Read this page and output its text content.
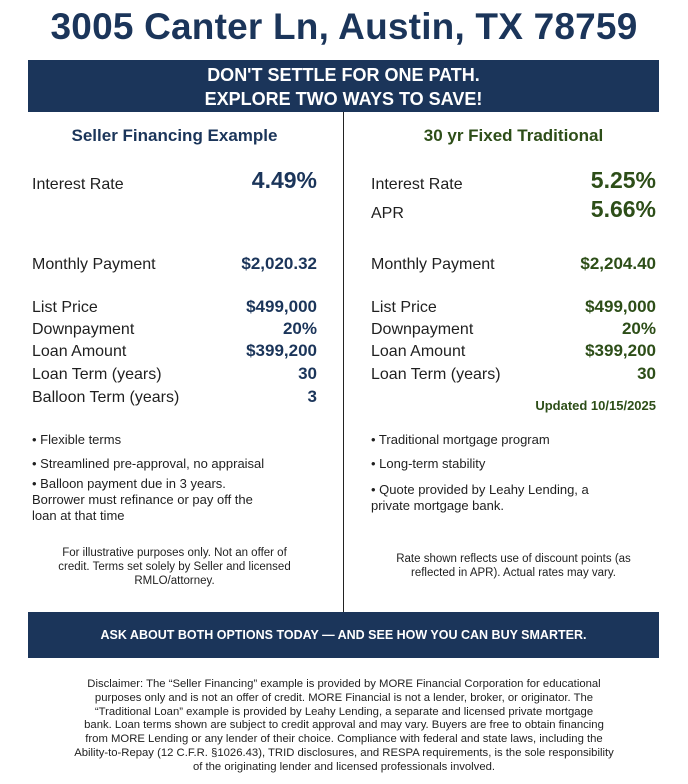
3005 Canter Ln, Austin, TX 78759
DON'T SETTLE FOR ONE PATH.
EXPLORE TWO WAYS TO SAVE!
Seller Financing Example
Interest Rate	4.49%
Monthly Payment	$2,020.32
List Price	$499,000
Downpayment	20%
Loan Amount	$399,200
Loan Term (years)	30
Balloon Term (years)	3
• Flexible terms
• Streamlined pre-approval, no appraisal
• Balloon payment due in 3 years.
Borrower must refinance or pay off the
loan at that time
For illustrative purposes only. Not an offer of
credit. Terms set solely by Seller and licensed
RMLO/attorney.
30 yr Fixed Traditional
Interest Rate	5.25%
APR	5.66%
Monthly Payment	$2,204.40
List Price	$499,000
Downpayment	20%
Loan Amount	$399,200
Loan Term (years)	30
Updated 10/15/2025
• Traditional mortgage program
• Long-term stability
• Quote provided by Leahy Lending, a
private mortgage bank.
Rate shown reflects use of discount points (as
reflected in APR). Actual rates may vary.
ASK ABOUT BOTH OPTIONS TODAY — AND SEE HOW YOU CAN BUY SMARTER.
Disclaimer: The “Seller Financing” example is provided by MORE Financial Corporation for educational
purposes only and is not an offer of credit. MORE Financial is not a lender, broker, or originator. The
“Traditional Loan” example is provided by Leahy Lending, a separate and licensed private mortgage
bank. Loan terms shown are subject to credit approval and may vary. Buyers are free to obtain financing
from MORE Lending or any lender of their choice. Compliance with federal and state laws, including the
Ability-to-Repay (12 C.F.R. §1026.43), TRID disclosures, and RESPA requirements, is the sole responsibility
of the originating lender and licensed professionals involved.
